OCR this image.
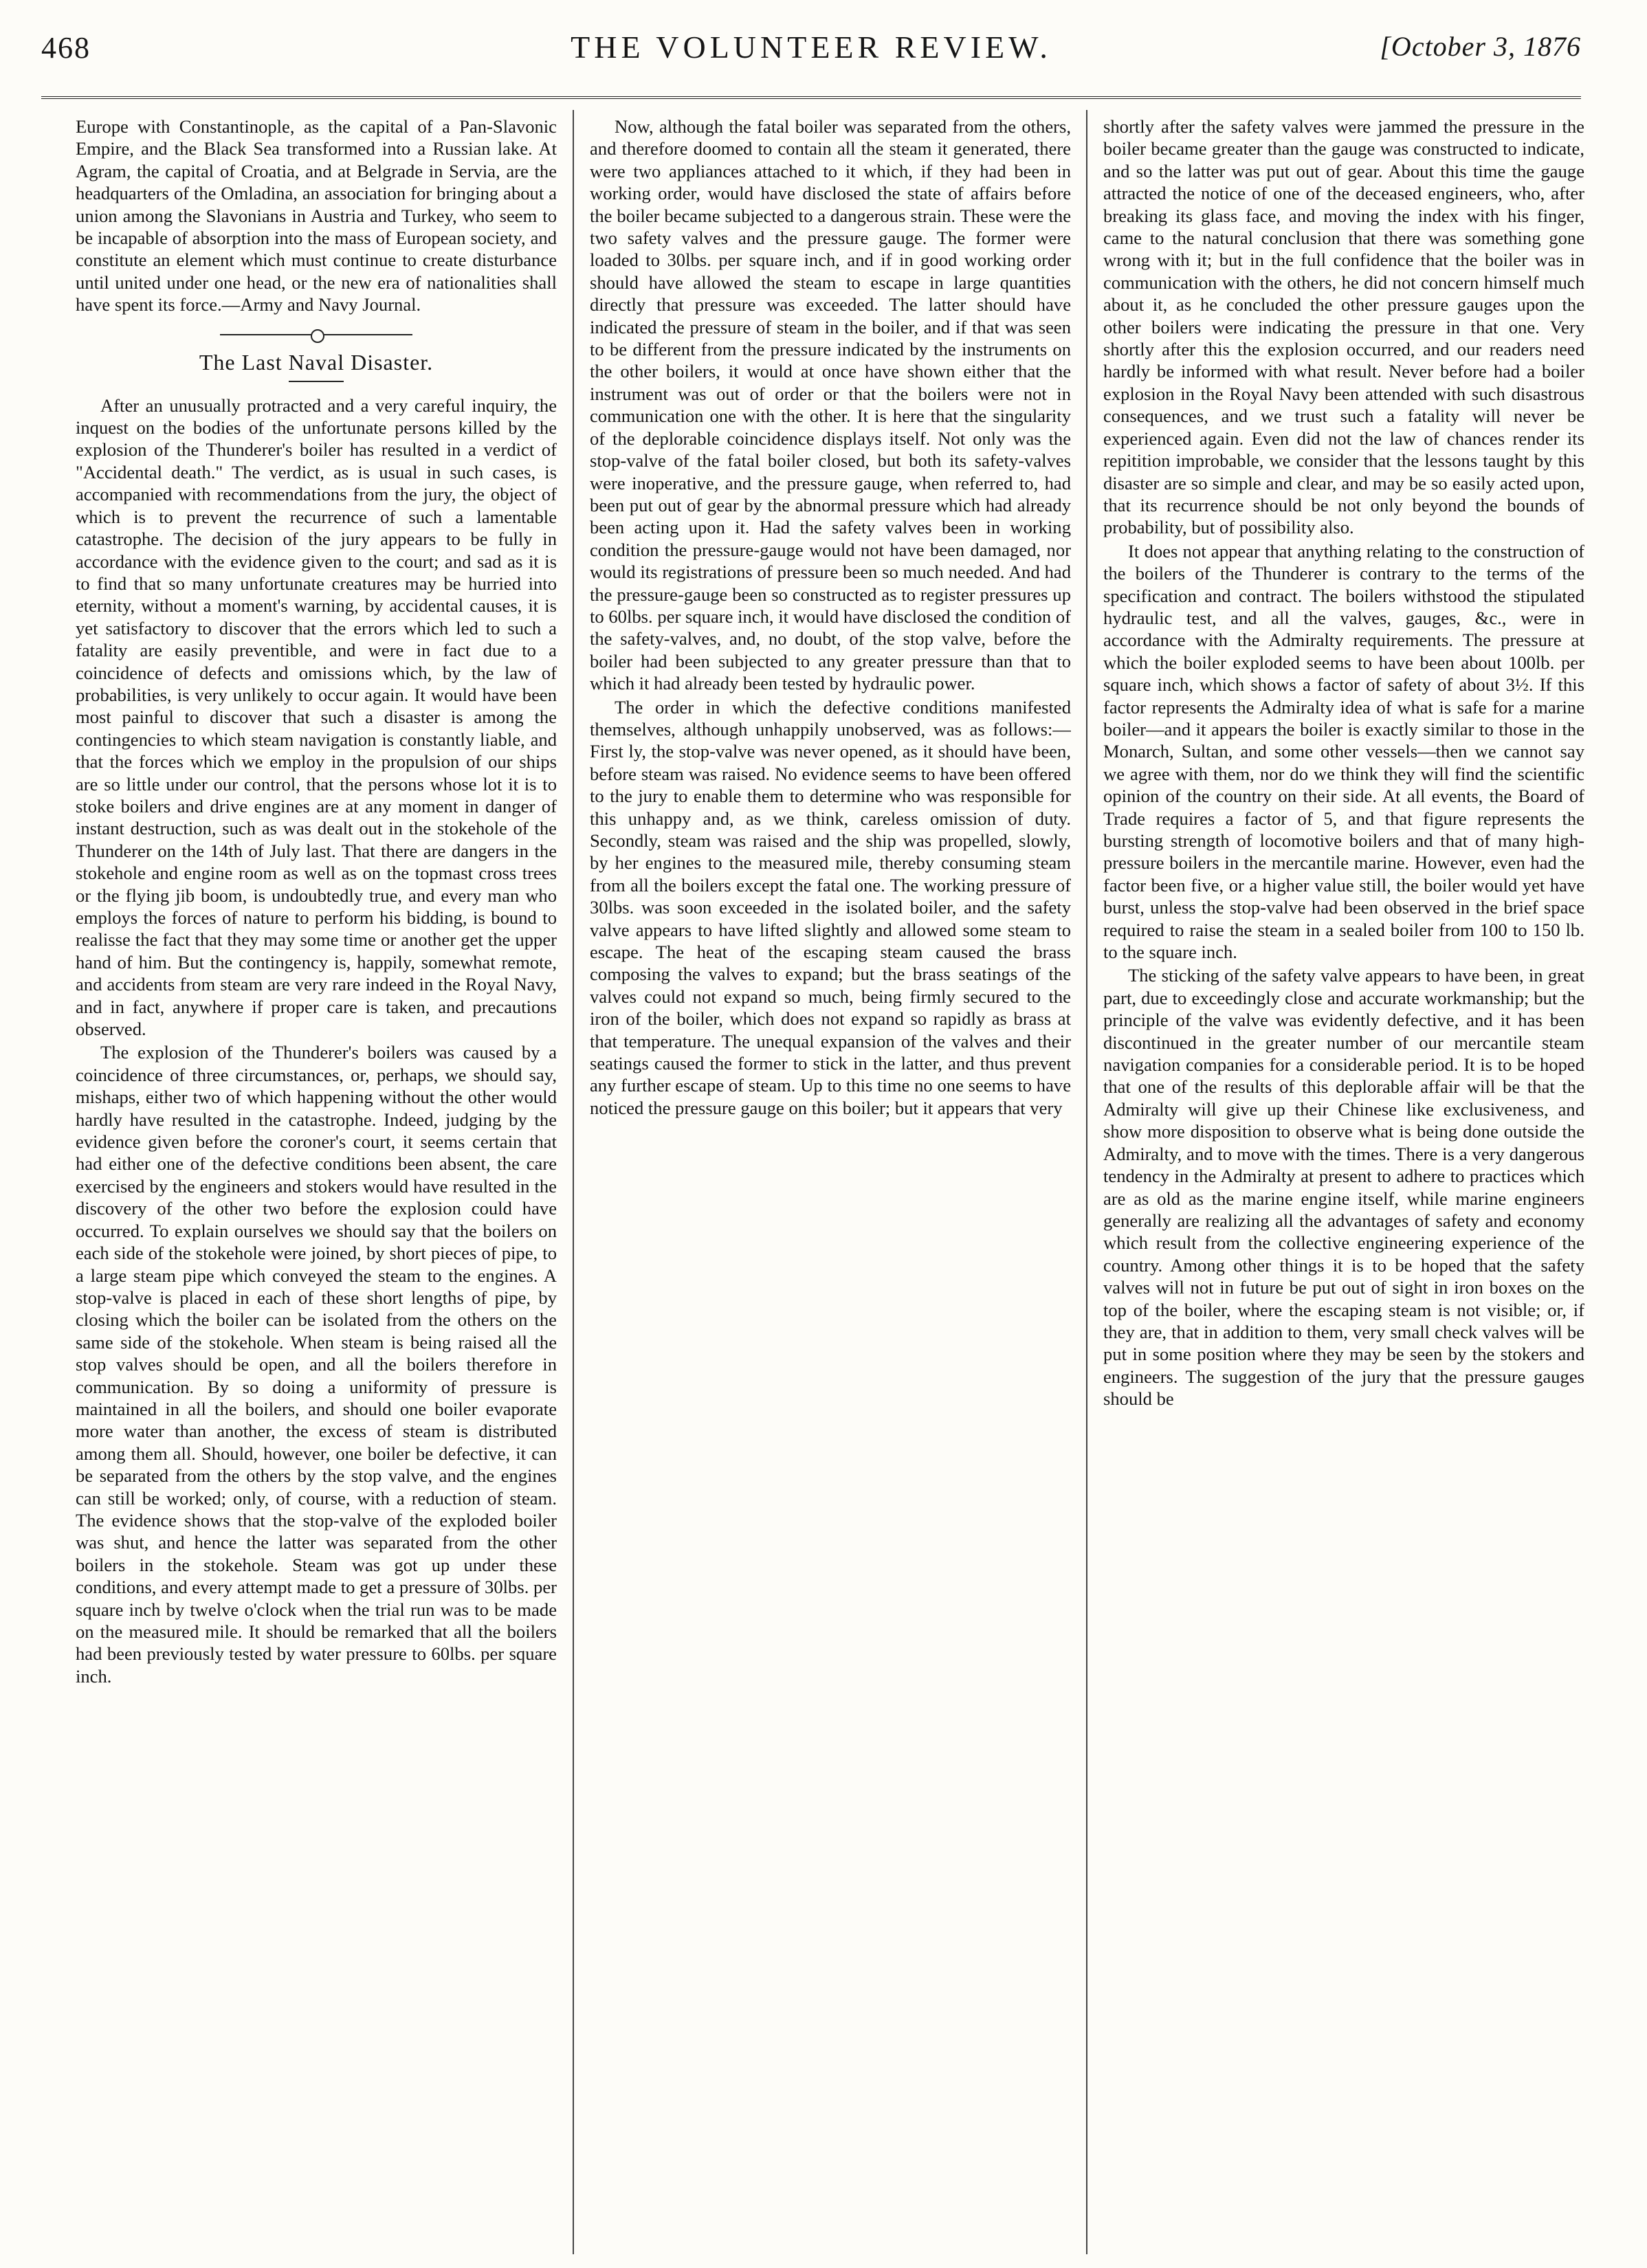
468	THE VOLUNTEER REVIEW.	[October 3, 1876

Europe with Constantinople, as the capital of a Pan-Slavonic Empire, and the Black Sea transformed into a Russian lake. At Agram, the capital of Croatia, and at Belgrade in Servia, are the headquarters of the Omladina, an association for bringing about a union among the Slavonians in Austria and Turkey, who seem to be incapable of absorption into the mass of European society, and constitute an element which must continue to create disturbance until united under one head, or the new era of nationalities shall have spent its force.—Army and Navy Journal.

The Last Naval Disaster.

After an unusually protracted and a very careful inquiry, the inquest on the bodies of the unfortunate persons killed by the explosion of the Thunderer's boiler has resulted in a verdict of "Accidental death." The verdict, as is usual in such cases, is accompanied with recommendations from the jury, the object of which is to prevent the recurrence of such a lamentable catastrophe. The decision of the jury appears to be fully in accordance with the evidence given to the court; and sad as it is to find that so many unfortunate creatures may be hurried into eternity, without a moment's warning, by accidental causes, it is yet satisfactory to discover that the errors which led to such a fatality are easily preventible, and were in fact due to a coincidence of defects and omissions which, by the law of probabilities, is very unlikely to occur again. It would have been most painful to discover that such a disaster is among the contingencies to which steam navigation is constantly liable, and that the forces which we employ in the propulsion of our ships are so little under our control, that the persons whose lot it is to stoke boilers and drive engines are at any moment in danger of instant destruction, such as was dealt out in the stokehole of the Thunderer on the 14th of July last. That there are dangers in the stokehole and engine room as well as on the topmast cross trees or the flying jib boom, is undoubtedly true, and every man who employs the forces of nature to perform his bidding, is bound to realisse the fact that they may some time or another get the upper hand of him. But the contingency is, happily, somewhat remote, and accidents from steam are very rare indeed in the Royal Navy, and in fact, anywhere if proper care is taken, and precautions observed.

The explosion of the Thunderer's boilers was caused by a coincidence of three circumstances, or, perhaps, we should say, mishaps, either two of which happening without the other would hardly have resulted in the catastrophe. Indeed, judging by the evidence given before the coroner's court, it seems certain that had either one of the defective conditions been absent, the care exercised by the engineers and stokers would have resulted in the discovery of the other two before the explosion could have occurred. To explain ourselves we should say that the boilers on each side of the stokehole were joined, by short pieces of pipe, to a large steam pipe which conveyed the steam to the engines. A stop-valve is placed in each of these short lengths of pipe, by closing which the boiler can be isolated from the others on the same side of the stokehole. When steam is being raised all the stop valves should be open, and all the boilers therefore in communication. By so doing a uniformity of pressure is maintained in all the boilers, and should one boiler evaporate more water than another, the excess of steam is distributed among them all. Should, however, one boiler be defective, it can be separated from the others by the stop valve, and the engines can still be worked; only, of course, with a reduction of steam. The evidence shows that the stop-valve of the exploded boiler was shut, and hence the latter was separated from the other boilers in the stokehole. Steam was got up under these conditions, and every attempt made to get a pressure of 30lbs. per square inch by twelve o'clock when the trial run was to be made on the measured mile. It should be remarked that all the boilers had been previously tested by water pressure to 60lbs. per square inch.

Now, although the fatal boiler was separated from the others, and therefore doomed to contain all the steam it generated, there were two appliances attached to it which, if they had been in working order, would have disclosed the state of affairs before the boiler became subjected to a dangerous strain. These were the two safety valves and the pressure gauge. The former were loaded to 30lbs. per square inch, and if in good working order should have allowed the steam to escape in large quantities directly that pressure was exceeded. The latter should have indicated the pressure of steam in the boiler, and if that was seen to be different from the pressure indicated by the instruments on the other boilers, it would at once have shown either that the instrument was out of order or that the boilers were not in communication one with the other. It is here that the singularity of the deplorable coincidence displays itself. Not only was the stop-valve of the fatal boiler closed, but both its safety-valves were inoperative, and the pressure gauge, when referred to, had been put out of gear by the abnormal pressure which had already been acting upon it. Had the safety valves been in working condition the pressure-gauge would not have been damaged, nor would its registrations of pressure been so much needed. And had the pressure-gauge been so constructed as to register pressures up to 60lbs. per square inch, it would have disclosed the condition of the safety-valves, and, no doubt, of the stop valve, before the boiler had been subjected to any greater pressure than that to which it had already been tested by hydraulic power.

The order in which the defective conditions manifested themselves, although unhappily unobserved, was as follows:—First ly, the stop-valve was never opened, as it should have been, before steam was raised. No evidence seems to have been offered to the jury to enable them to determine who was responsible for this unhappy and, as we think, careless omission of duty. Secondly, steam was raised and the ship was propelled, slowly, by her engines to the measured mile, thereby consuming steam from all the boilers except the fatal one. The working pressure of 30lbs. was soon exceeded in the isolated boiler, and the safety valve appears to have lifted slightly and allowed some steam to escape. The heat of the escaping steam caused the brass composing the valves to expand; but the brass seatings of the valves could not expand so much, being firmly secured to the iron of the boiler, which does not expand so rapidly as brass at that temperature. The unequal expansion of the valves and their seatings caused the former to stick in the latter, and thus prevent any further escape of steam. Up to this time no one seems to have noticed the pressure gauge on this boiler; but it appears that very

shortly after the safety valves were jammed the pressure in the boiler became greater than the gauge was constructed to indicate, and so the latter was put out of gear. About this time the gauge attracted the notice of one of the deceased engineers, who, after breaking its glass face, and moving the index with his finger, came to the natural conclusion that there was something gone wrong with it; but in the full confidence that the boiler was in communication with the others, he did not concern himself much about it, as he concluded the other pressure gauges upon the other boilers were indicating the pressure in that one. Very shortly after this the explosion occurred, and our readers need hardly be informed with what result. Never before had a boiler explosion in the Royal Navy been attended with such disastrous consequences, and we trust such a fatality will never be experienced again. Even did not the law of chances render its repitition improbable, we consider that the lessons taught by this disaster are so simple and clear, and may be so easily acted upon, that its recurrence should be not only beyond the bounds of probability, but of possibility also.

It does not appear that anything relating to the construction of the boilers of the Thunderer is contrary to the terms of the specification and contract. The boilers withstood the stipulated hydraulic test, and all the valves, gauges, &c., were in accordance with the Admiralty requirements. The pressure at which the boiler exploded seems to have been about 100lb. per square inch, which shows a factor of safety of about 3½. If this factor represents the Admiralty idea of what is safe for a marine boiler—and it appears the boiler is exactly similar to those in the Monarch, Sultan, and some other vessels—then we cannot say we agree with them, nor do we think they will find the scientific opinion of the country on their side. At all events, the Board of Trade requires a factor of 5, and that figure represents the bursting strength of locomotive boilers and that of many high-pressure boilers in the mercantile marine. However, even had the factor been five, or a higher value still, the boiler would yet have burst, unless the stop-valve had been observed in the brief space required to raise the steam in a sealed boiler from 100 to 150 lb. to the square inch.

The sticking of the safety valve appears to have been, in great part, due to exceedingly close and accurate workmanship; but the principle of the valve was evidently defective, and it has been discontinued in the greater number of our mercantile steam navigation companies for a considerable period. It is to be hoped that one of the results of this deplorable affair will be that the Admiralty will give up their Chinese like exclusiveness, and show more disposition to observe what is being done outside the Admiralty, and to move with the times. There is a very dangerous tendency in the Admiralty at present to adhere to practices which are as old as the marine engine itself, while marine engineers generally are realizing all the advantages of safety and economy which result from the collective engineering experience of the country. Among other things it is to be hoped that the safety valves will not in future be put out of sight in iron boxes on the top of the boiler, where the escaping steam is not visible; or, if they are, that in addition to them, very small check valves will be put in some position where they may be seen by the stokers and engineers. The suggestion of the jury that the pressure gauges should be
